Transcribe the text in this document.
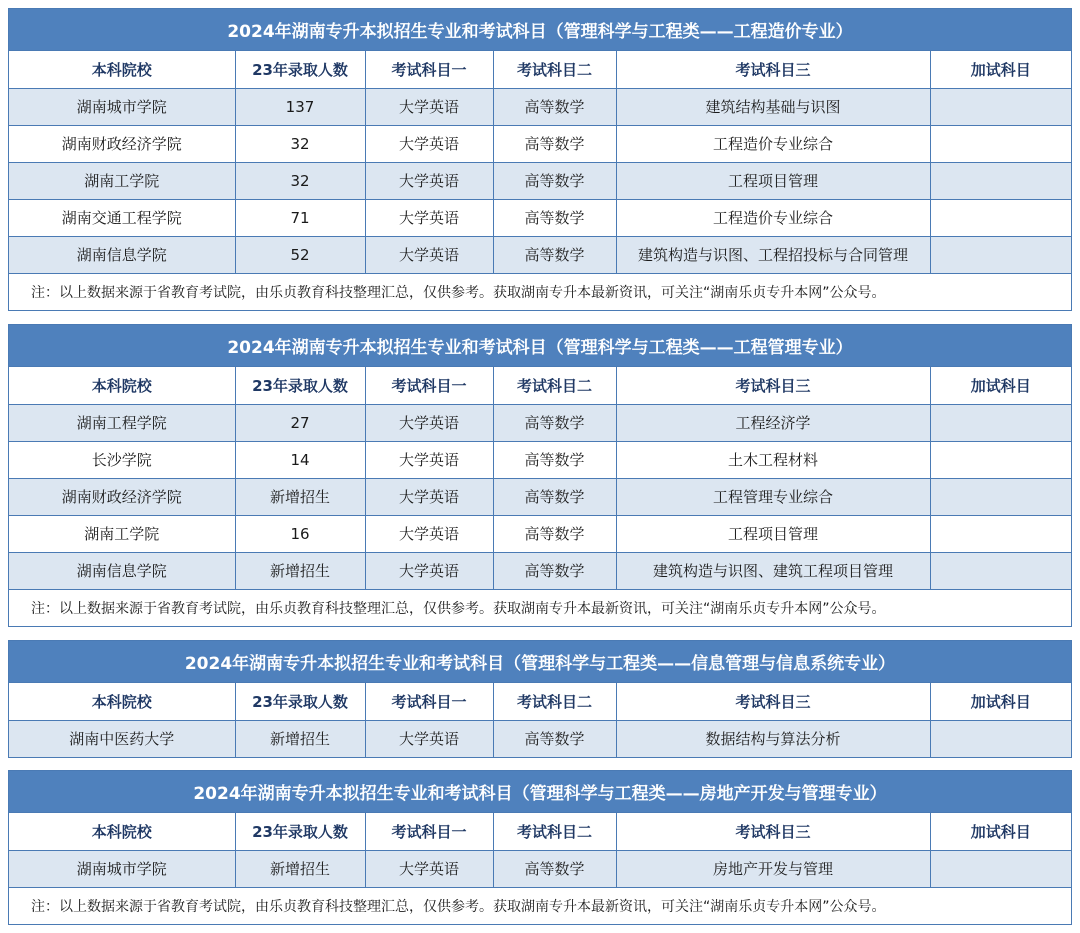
2024年湖南专升本拟招生专业和考试科目（管理科学与工程类——工程造价专业）
本科院校	23年录取人数	考试科目一	考试科目二	考试科目三	加试科目
湖南城市学院	137	大学英语	高等数学	建筑结构基础与识图	
湖南财政经济学院	32	大学英语	高等数学	工程造价专业综合	
湖南工学院	32	大学英语	高等数学	工程项目管理	
湖南交通工程学院	71	大学英语	高等数学	工程造价专业综合	
湖南信息学院	52	大学英语	高等数学	建筑构造与识图、工程招投标与合同管理	
注：以上数据来源于省教育考试院，由乐贞教育科技整理汇总，仅供参考。获取湖南专升本最新资讯，可关注“湖南乐贞专升本网”公众号。					
2024年湖南专升本拟招生专业和考试科目（管理科学与工程类——工程管理专业）
本科院校	23年录取人数	考试科目一	考试科目二	考试科目三	加试科目
湖南工程学院	27	大学英语	高等数学	工程经济学	
长沙学院	14	大学英语	高等数学	土木工程材料	
湖南财政经济学院	新增招生	大学英语	高等数学	工程管理专业综合	
湖南工学院	16	大学英语	高等数学	工程项目管理	
湖南信息学院	新增招生	大学英语	高等数学	建筑构造与识图、建筑工程项目管理	
注：以上数据来源于省教育考试院，由乐贞教育科技整理汇总，仅供参考。获取湖南专升本最新资讯，可关注“湖南乐贞专升本网”公众号。					
2024年湖南专升本拟招生专业和考试科目（管理科学与工程类——信息管理与信息系统专业）
本科院校	23年录取人数	考试科目一	考试科目二	考试科目三	加试科目
湖南中医药大学	新增招生	大学英语	高等数学	数据结构与算法分析	
2024年湖南专升本拟招生专业和考试科目（管理科学与工程类——房地产开发与管理专业）
本科院校	23年录取人数	考试科目一	考试科目二	考试科目三	加试科目
湖南城市学院	新增招生	大学英语	高等数学	房地产开发与管理	
注：以上数据来源于省教育考试院，由乐贞教育科技整理汇总，仅供参考。获取湖南专升本最新资讯，可关注“湖南乐贞专升本网”公众号。					
